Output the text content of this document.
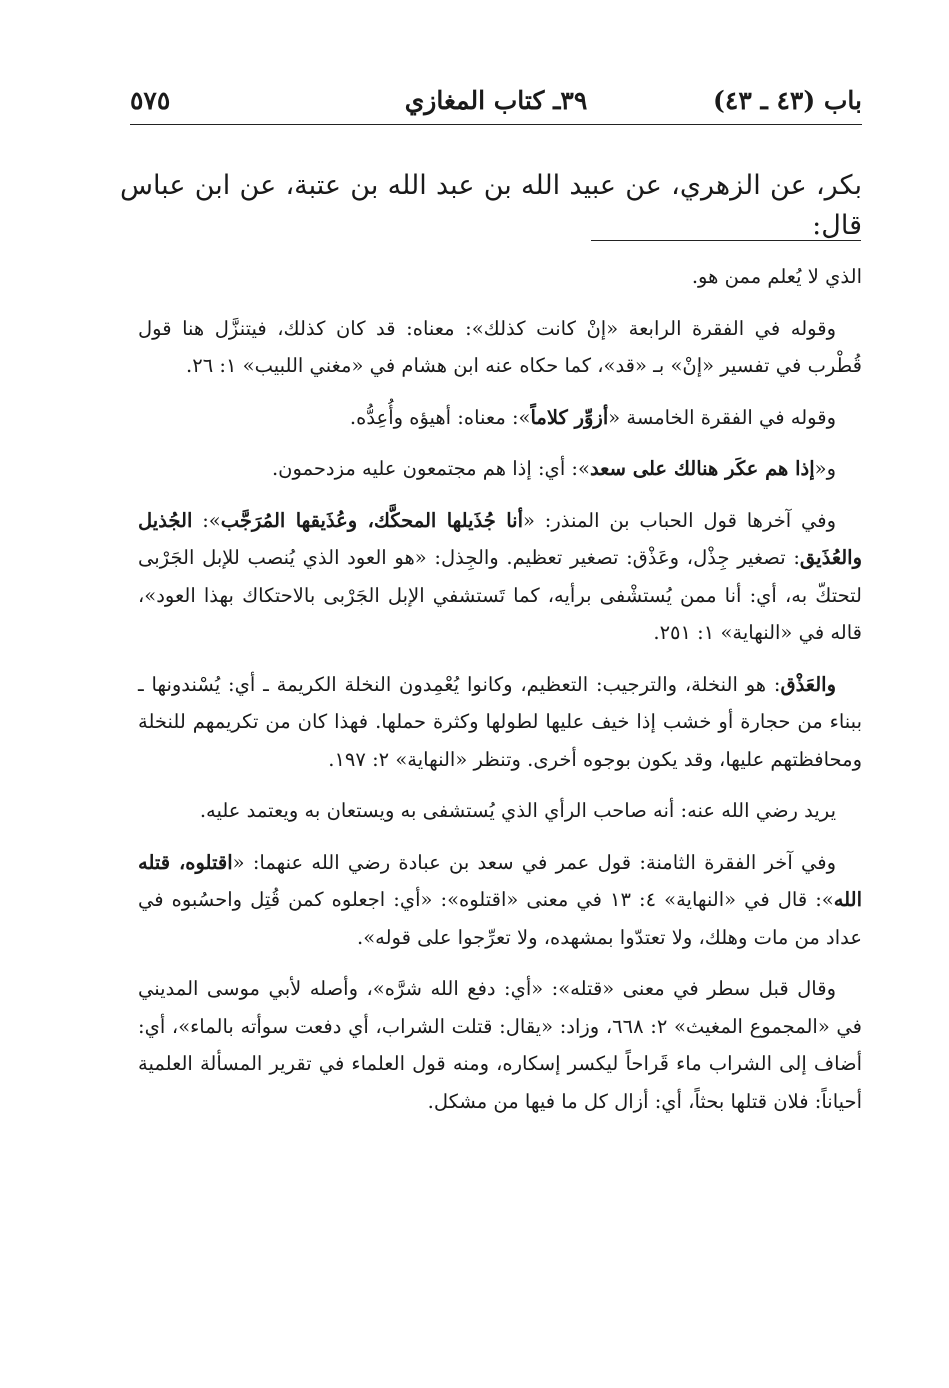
باب (٤٣ ـ ٤٣)
٣٩ـ كتاب المغازي
٥٧٥
بكر، عن الزهري، عن عبيد الله بن عبد الله بن عتبة، عن ابن عباس قال:

الذي لا يُعلم ممن هو.

وقوله في الفقرة الرابعة «إنْ كانت كذلك»: معناه: قد كان كذلك، فيتنزَّل هنا قول قُطْرب في تفسير «إنْ» بـ «قد»، كما حكاه عنه ابن هشام في «مغني اللبيب» ١: ٢٦.

وقوله في الفقرة الخامسة «أزوِّر كلاماً»: معناه: أهيؤه وأُعِدُّه.

و«إذا هم عكَر هنالك على سعد»: أي: إذا هم مجتمعون عليه مزدحمون.

وفي آخرها قول الحباب بن المنذر: «أنا جُذَيلها المحكَّك، وعُذَيقها المُرَجَّب»: الجُذيل والعُذَيق: تصغير جِذْل، وعَذْق: تصغير تعظيم. والجِذل: «هو العود الذي يُنصب للإبل الجَرْبى لتحتكّ به، أي: أنا ممن يُستشْفى برأيه، كما تَستشفي الإبل الجَرْبى بالاحتكاك بهذا العود»، قاله في «النهاية» ١: ٢٥١.

والعَذْق: هو النخلة، والترجيب: التعظيم، وكانوا يُعْمِدون النخلة الكريمة ـ أي: يُسْندونها ـ ببناء من حجارة أو خشب إذا خيف عليها لطولها وكثرة حملها. فهذا كان من تكريمهم للنخلة ومحافظتهم عليها، وقد يكون بوجوه أخرى. وتنظر «النهاية» ٢: ١٩٧.

يريد رضي الله عنه: أنه صاحب الرأي الذي يُستشفى به ويستعان به ويعتمد عليه.

وفي آخر الفقرة الثامنة: قول عمر في سعد بن عبادة رضي الله عنهما: «اقتلوه، قتله الله»: قال في «النهاية» ٤: ١٣ في معنى «اقتلوه»: «أي: اجعلوه كمن قُتِل واحسُبوه في عداد من مات وهلك، ولا تعتدّوا بمشهده، ولا تعرِّجوا على قوله».

وقال قبل سطر في معنى «قتله»: «أي: دفع الله شرَّه»، وأصله لأبي موسى المديني في «المجموع المغيث» ٢: ٦٦٨، وزاد: «يقال: قتلت الشراب، أي دفعت سوأته بالماء»، أي: أضاف إلى الشراب ماء قَراحاً ليكسر إسكاره، ومنه قول العلماء في تقرير المسألة العلمية أحياناً: فلان قتلها بحثاً، أي: أزال كل ما فيها من مشكل.
